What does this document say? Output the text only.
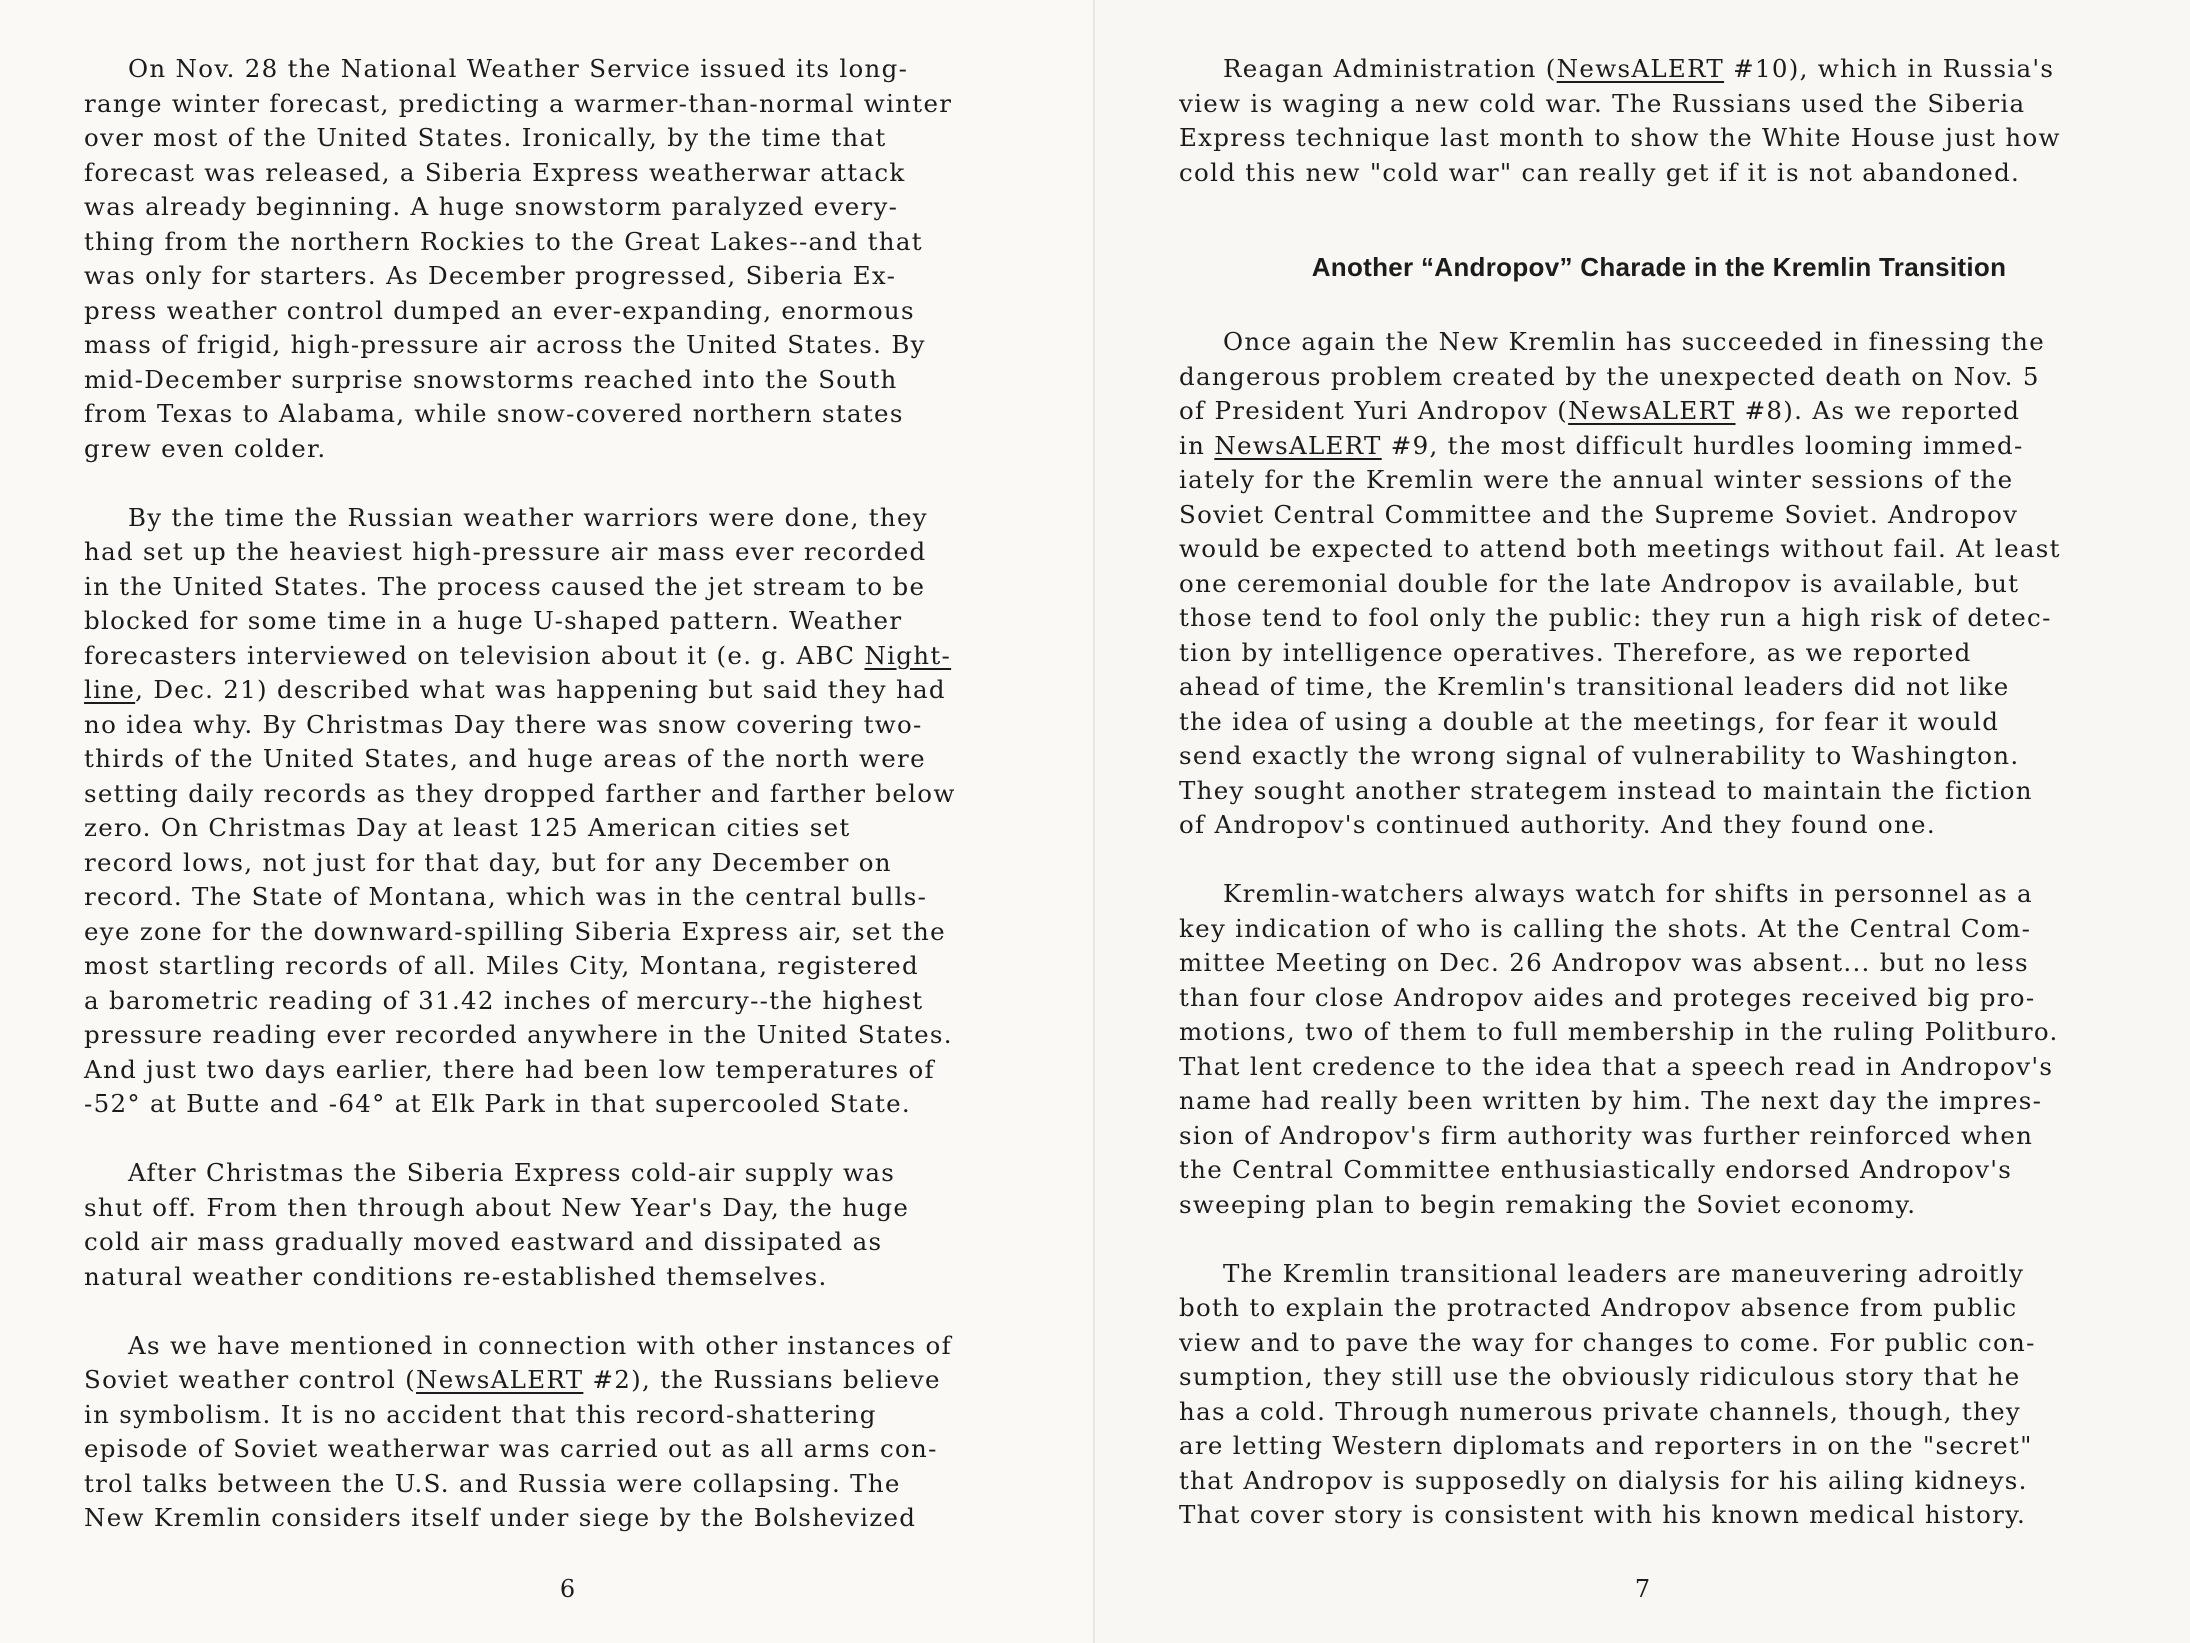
On Nov. 28 the National Weather Service issued its long-
range winter forecast, predicting a warmer-than-normal winter
over most of the United States. Ironically, by the time that
forecast was released, a Siberia Express weatherwar attack
was already beginning. A huge snowstorm paralyzed every-
thing from the northern Rockies to the Great Lakes--and that
was only for starters. As December progressed, Siberia Ex-
press weather control dumped an ever-expanding, enormous
mass of frigid, high-pressure air across the United States. By
mid-December surprise snowstorms reached into the South
from Texas to Alabama, while snow-covered northern states
grew even colder.

By the time the Russian weather warriors were done, they
had set up the heaviest high-pressure air mass ever recorded
in the United States. The process caused the jet stream to be
blocked for some time in a huge U-shaped pattern. Weather
forecasters interviewed on television about it (e. g. ABC Night-
line, Dec. 21) described what was happening but said they had
no idea why. By Christmas Day there was snow covering two-
thirds of the United States, and huge areas of the north were
setting daily records as they dropped farther and farther below
zero. On Christmas Day at least 125 American cities set
record lows, not just for that day, but for any December on
record. The State of Montana, which was in the central bulls-
eye zone for the downward-spilling Siberia Express air, set the
most startling records of all. Miles City, Montana, registered
a barometric reading of 31.42 inches of mercury--the highest
pressure reading ever recorded anywhere in the United States.
And just two days earlier, there had been low temperatures of
-52° at Butte and -64° at Elk Park in that supercooled State.

After Christmas the Siberia Express cold-air supply was
shut off. From then through about New Year's Day, the huge
cold air mass gradually moved eastward and dissipated as
natural weather conditions re-established themselves.

As we have mentioned in connection with other instances of
Soviet weather control (NewsALERT #2), the Russians believe
in symbolism. It is no accident that this record-shattering
episode of Soviet weatherwar was carried out as all arms con-
trol talks between the U.S. and Russia were collapsing. The
New Kremlin considers itself under siege by the Bolshevized

6

Reagan Administration (NewsALERT #10), which in Russia's
view is waging a new cold war. The Russians used the Siberia
Express technique last month to show the White House just how
cold this new "cold war" can really get if it is not abandoned.

Another “Andropov” Charade in the Kremlin Transition

Once again the New Kremlin has succeeded in finessing the
dangerous problem created by the unexpected death on Nov. 5
of President Yuri Andropov (NewsALERT #8). As we reported
in NewsALERT #9, the most difficult hurdles looming immed-
iately for the Kremlin were the annual winter sessions of the
Soviet Central Committee and the Supreme Soviet. Andropov
would be expected to attend both meetings without fail. At least
one ceremonial double for the late Andropov is available, but
those tend to fool only the public: they run a high risk of detec-
tion by intelligence operatives. Therefore, as we reported
ahead of time, the Kremlin's transitional leaders did not like
the idea of using a double at the meetings, for fear it would
send exactly the wrong signal of vulnerability to Washington.
They sought another strategem instead to maintain the fiction
of Andropov's continued authority. And they found one.

Kremlin-watchers always watch for shifts in personnel as a
key indication of who is calling the shots. At the Central Com-
mittee Meeting on Dec. 26 Andropov was absent... but no less
than four close Andropov aides and proteges received big pro-
motions, two of them to full membership in the ruling Politburo.
That lent credence to the idea that a speech read in Andropov's
name had really been written by him. The next day the impres-
sion of Andropov's firm authority was further reinforced when
the Central Committee enthusiastically endorsed Andropov's
sweeping plan to begin remaking the Soviet economy.

The Kremlin transitional leaders are maneuvering adroitly
both to explain the protracted Andropov absence from public
view and to pave the way for changes to come. For public con-
sumption, they still use the obviously ridiculous story that he
has a cold. Through numerous private channels, though, they
are letting Western diplomats and reporters in on the "secret"
that Andropov is supposedly on dialysis for his ailing kidneys.
That cover story is consistent with his known medical history.

7
